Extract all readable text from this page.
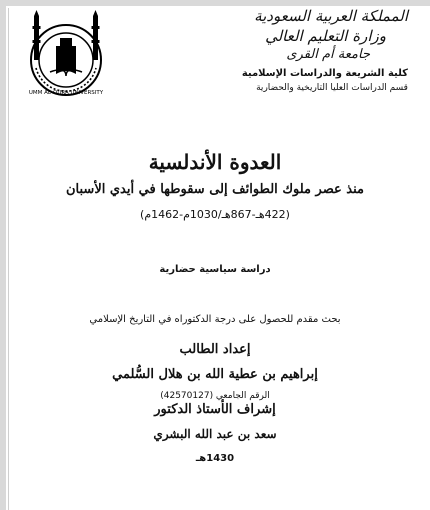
UMM AL-QURA UNIVERSITY
المملكة العربية السعودية
وزارة التعليم العالي
جامعة أم القرى
كلية الشريعة والدراسات الإسلامية
قسم الدراسات العليا التاريخية والحضارية
العدوة الأندلسية
منذ عصر ملوك الطوائف إلى سقوطها في أيدي الأسبان
(422هـ-867هـ/1030م-1462م)
دراسة سياسية حضارية
بحث مقدم للحصول على درجة الدكتوراه في التاريخ الإسلامي
إعداد الطالب
إبراهيم بن عطية الله بن هلال السُّلمي
الرقم الجامعي (42570127)
إشراف الأستاذ الدكتور
سعد بن عبد الله البشري
1430هـ
